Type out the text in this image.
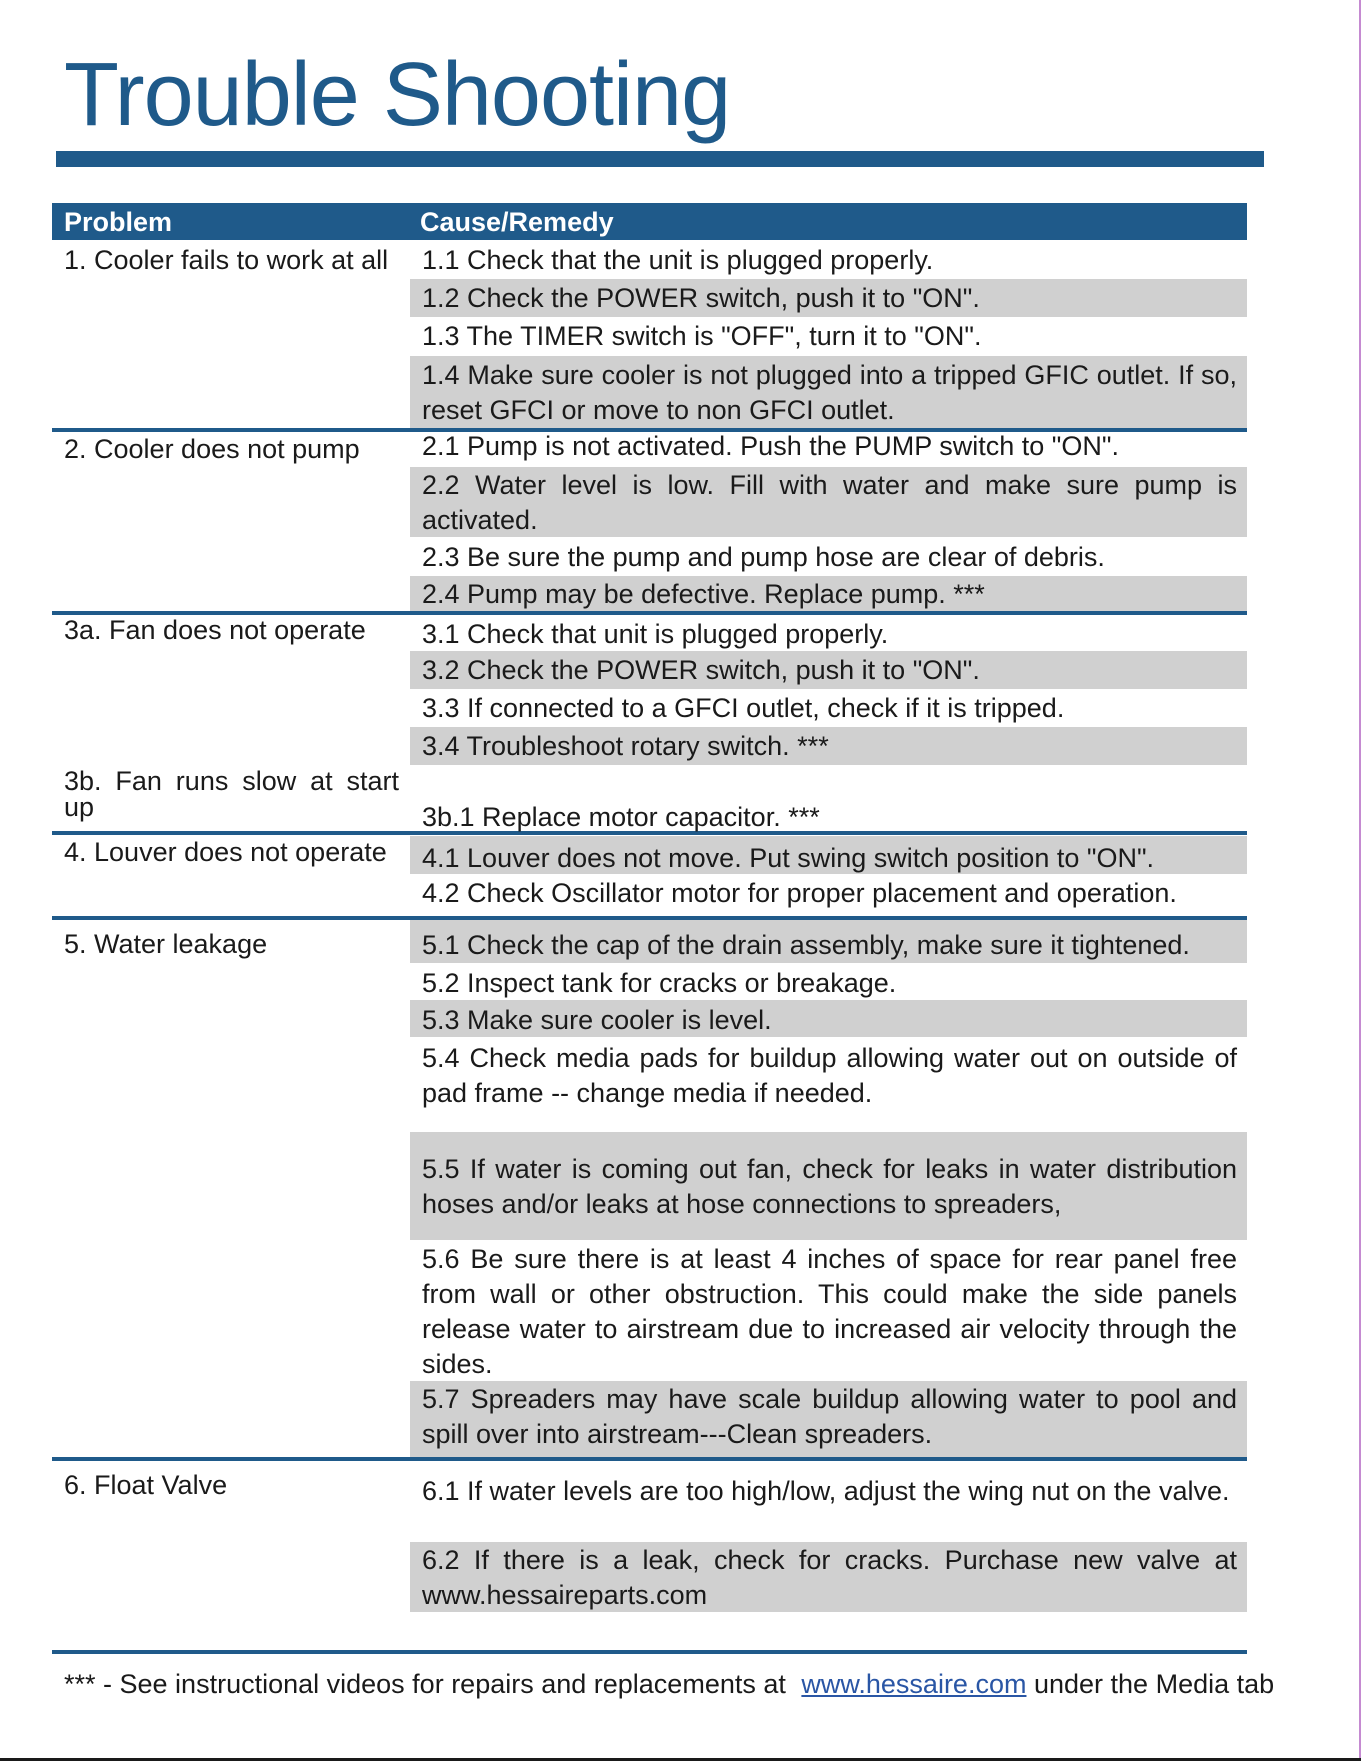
Trouble Shooting
Problem	Cause/Remedy
1. Cooler fails to work at all
2. Cooler does not pump
3a. Fan does not operate
3b. Fan runs slow at start up
4. Louver does not operate
5. Water leakage
6. Float Valve
1.1 Check that the unit is plugged properly.
1.2 Check the POWER switch, push it to "ON".
1.3 The TIMER switch is "OFF", turn it to "ON".
1.4 Make sure cooler is not plugged into a tripped GFIC outlet. If so, reset GFCI or move to non GFCI outlet.
2.1 Pump is not activated. Push the PUMP switch to "ON".
2.2 Water level is low. Fill with water and make sure pump is activated.
2.3 Be sure the pump and pump hose are clear of debris.
2.4 Pump may be defective. Replace pump. ***
3.1 Check that unit is plugged properly.
3.2 Check the POWER switch, push it to "ON".
3.3 If connected to a GFCI outlet, check if it is tripped.
3.4 Troubleshoot rotary switch. ***
3b.1 Replace motor capacitor. ***
4.1 Louver does not move. Put swing switch position to "ON".
4.2 Check Oscillator motor for proper placement and operation.
5.1 Check the cap of the drain assembly, make sure it tightened.
5.2 Inspect tank for cracks or breakage.
5.3 Make sure cooler is level.
5.4 Check media pads for buildup allowing water out on outside of pad frame -- change media if needed.
5.5 If water is coming out fan, check for leaks in water distribution hoses and/or leaks at hose connections to spreaders,
5.6 Be sure there is at least 4 inches of space for rear panel free from wall or other obstruction. This could make the side panels release water to airstream due to increased air velocity through the sides.
5.7 Spreaders may have scale buildup allowing water to pool and spill over into airstream---Clean spreaders.
6.1 If water levels are too high/low, adjust the wing nut on the valve.
6.2 If there is a leak, check for cracks. Purchase new valve at www.hessaireparts.com
*** - See instructional videos for repairs and replacements at www.hessaire.com under the Media tab
